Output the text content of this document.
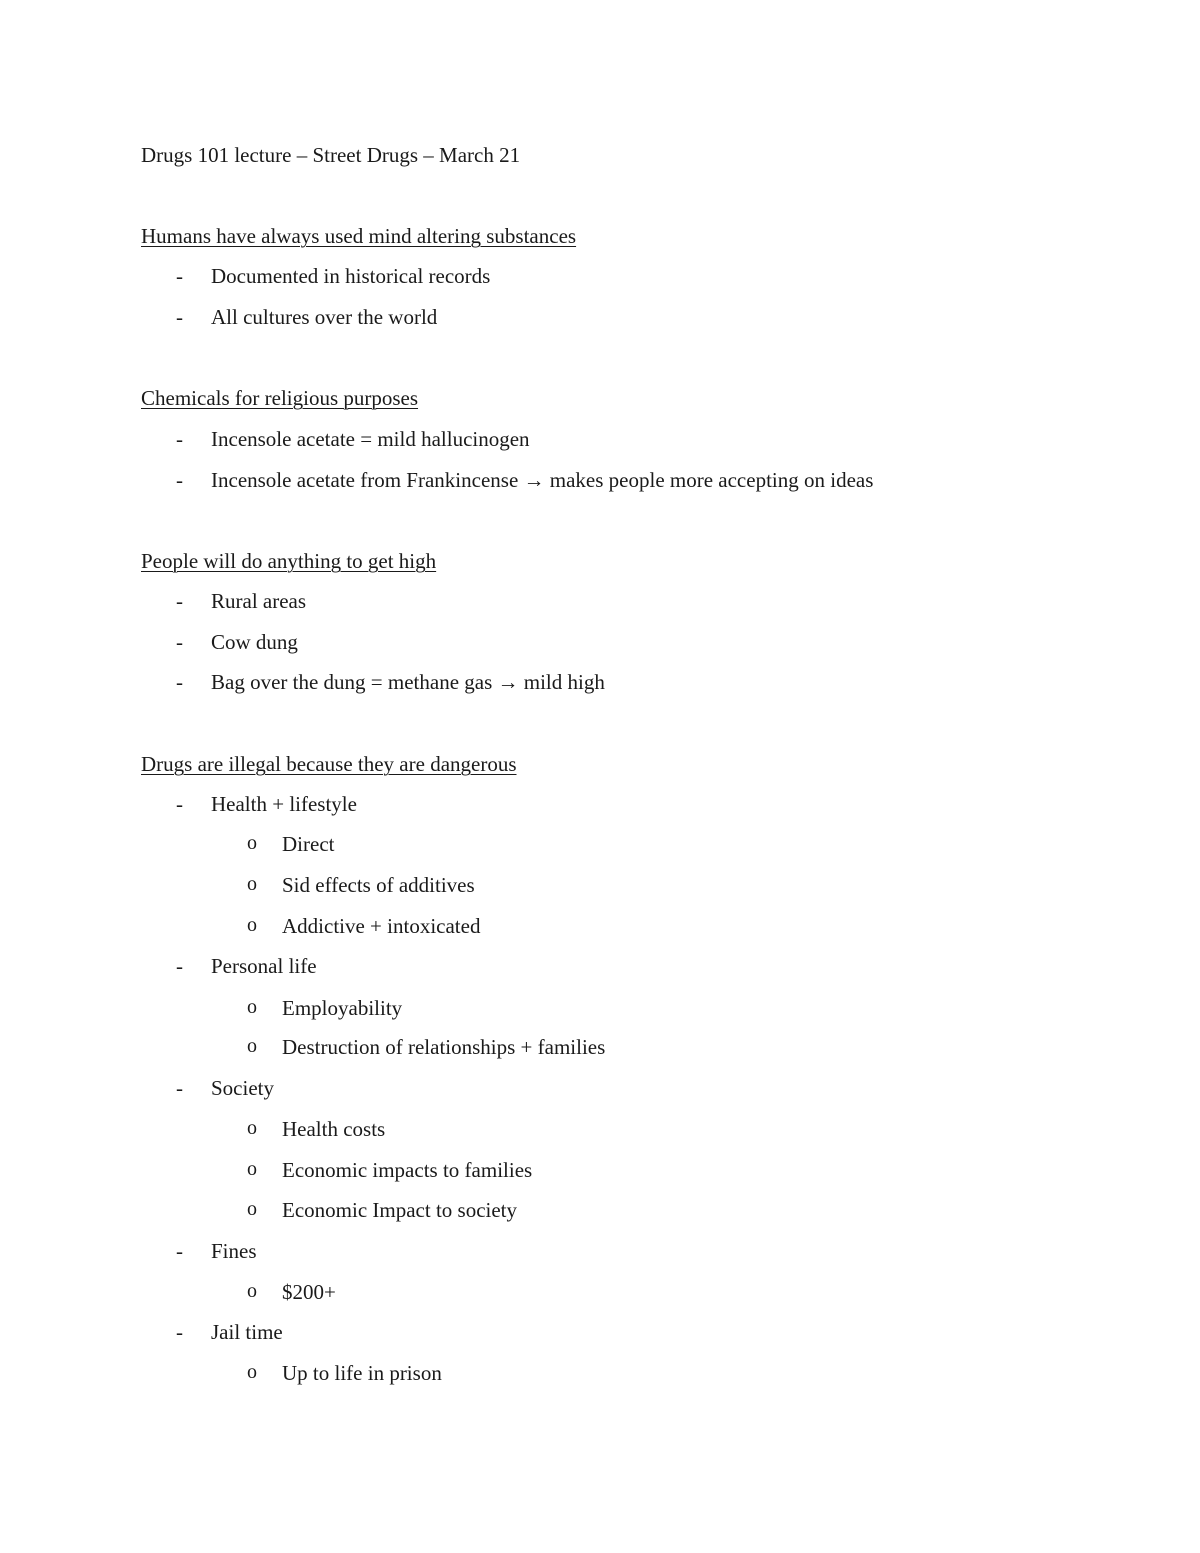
Drugs 101 lecture – Street Drugs – March 21
Humans have always used mind altering substances
- Documented in historical records
- All cultures over the world
Chemicals for religious purposes
- Incensole acetate = mild hallucinogen
- Incensole acetate from Frankincense → makes people more accepting on ideas
People will do anything to get high
- Rural areas
- Cow dung
- Bag over the dung = methane gas → mild high
Drugs are illegal because they are dangerous
- Health + lifestyle
o Direct
o Sid effects of additives
o Addictive + intoxicated
- Personal life
o Employability
o Destruction of relationships + families
- Society
o Health costs
o Economic impacts to families
o Economic Impact to society
- Fines
o $200+
- Jail time
o Up to life in prison
